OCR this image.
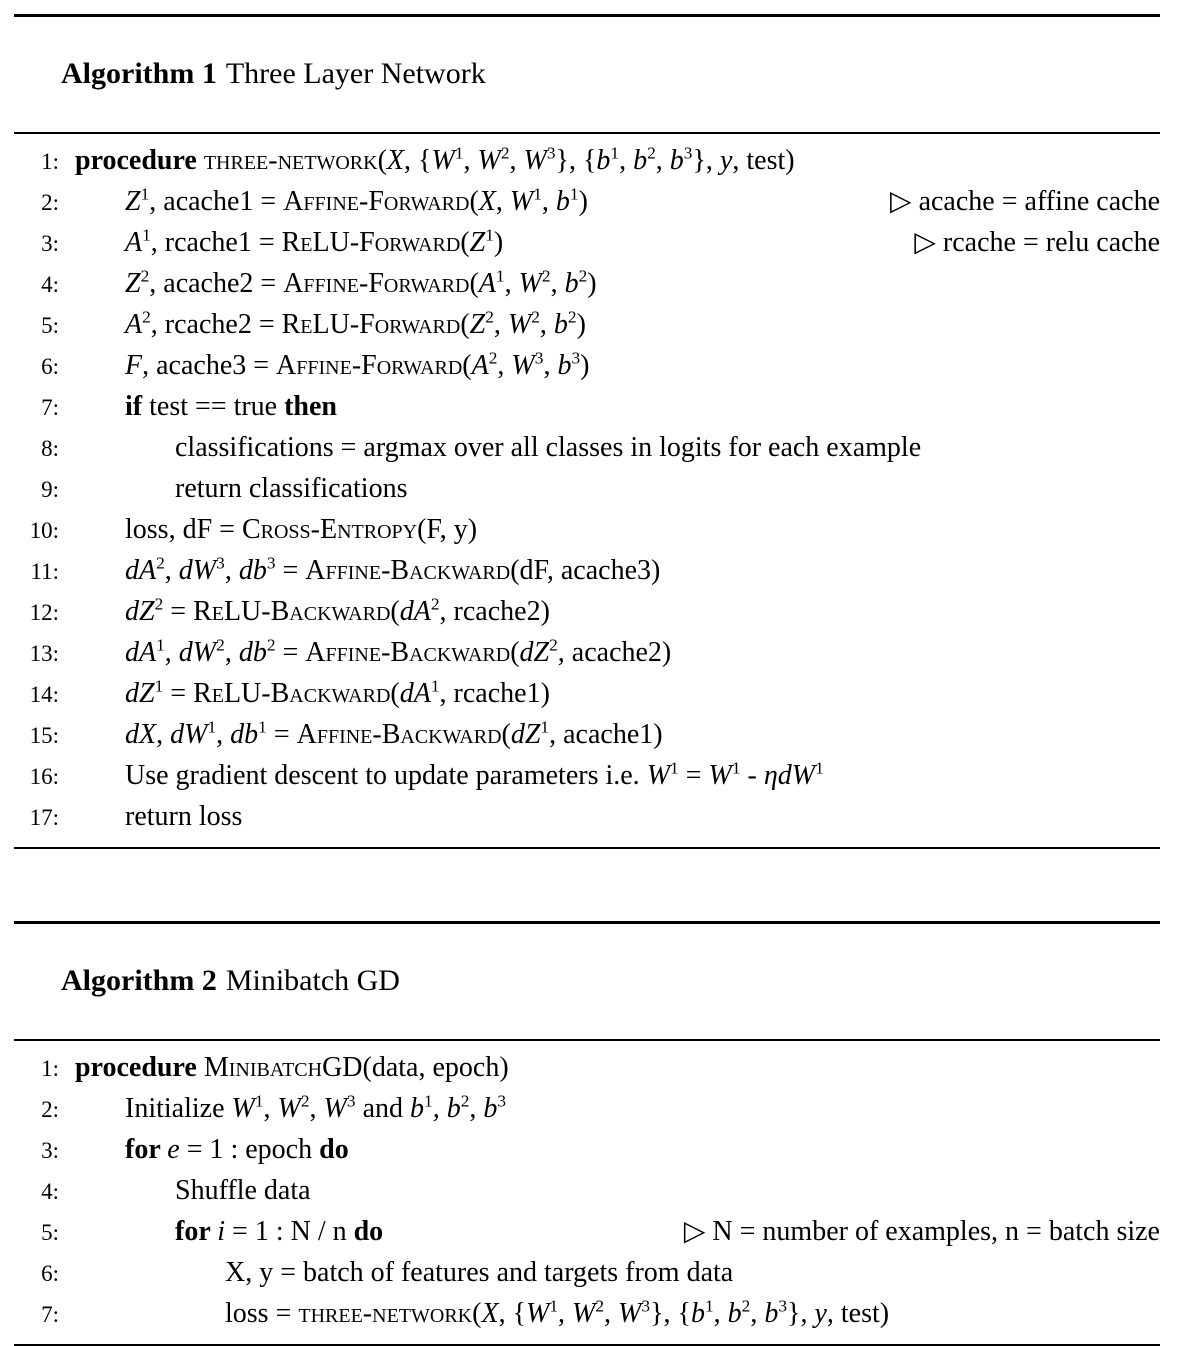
Algorithm 1 Three Layer Network

1: procedure three-network(X, {$W^1$, $W^2$, $W^3$}, {$b^1$, $b^2$, $b^3$}, y, test)
2: $Z^1$, acache1 = Affine-Forward(X, $W^1$, $b^1$)	▷ acache = affine cache
3: $A^1$, rcache1 = ReLU-$Forward(Z^1)$	▷ rcache = relu cache
4: $Z^2$, acache2 = Affine-$Forward(A^1$, $W^2$, $b^2$)
5: $A^2$, rcache2 = ReLU-$Forward(Z^2$, $W^2$, $b^2$)
6: F, acache3 = Affine-$Forward(A^2$, $W^3$, $b^3$)
7: if test == true then
8:	classifications = argmax over all classes in logits for each example
9:	return classifications
10: loss, dF = Cross-Entropy(F, y)
11: $dA^2$, $dW^3$, $db^3$ = Affine-Backward(dF, acache3)
12: $dZ^2$ = ReLU-$Backward(dA^2$, rcache2)
13: $dA^1$, $dW^2$, $db^2$ = Affine-$Backward(dZ^2$, acache2)
14: $dZ^1$ = ReLU-$Backward(dA^1$, rcache1)
15: dX, $dW^1$, $db^1$ = Affine-$Backward(dZ^1$, acache1)
16: Use gradient descent to update parameters i.e. $W^1 = W^1 - \eta dW^1$
17: return loss

Algorithm 2 Minibatch GD

1: procedure MinibatchGD(data, epoch)
2: Initialize $W^1$, $W^2$, $W^3$ and $b^1$, $b^2$, $b^3$
3: for e = 1 : epoch do
4:	Shuffle data
5:	for i = 1 : N / n do	▷ N = number of examples, n = batch size
6:	X, y = batch of features and targets from data
7:	loss = three-network(X, {$W^1$, $W^2$, $W^3$}, {$b^1$, $b^2$, $b^3$}, y, test)
